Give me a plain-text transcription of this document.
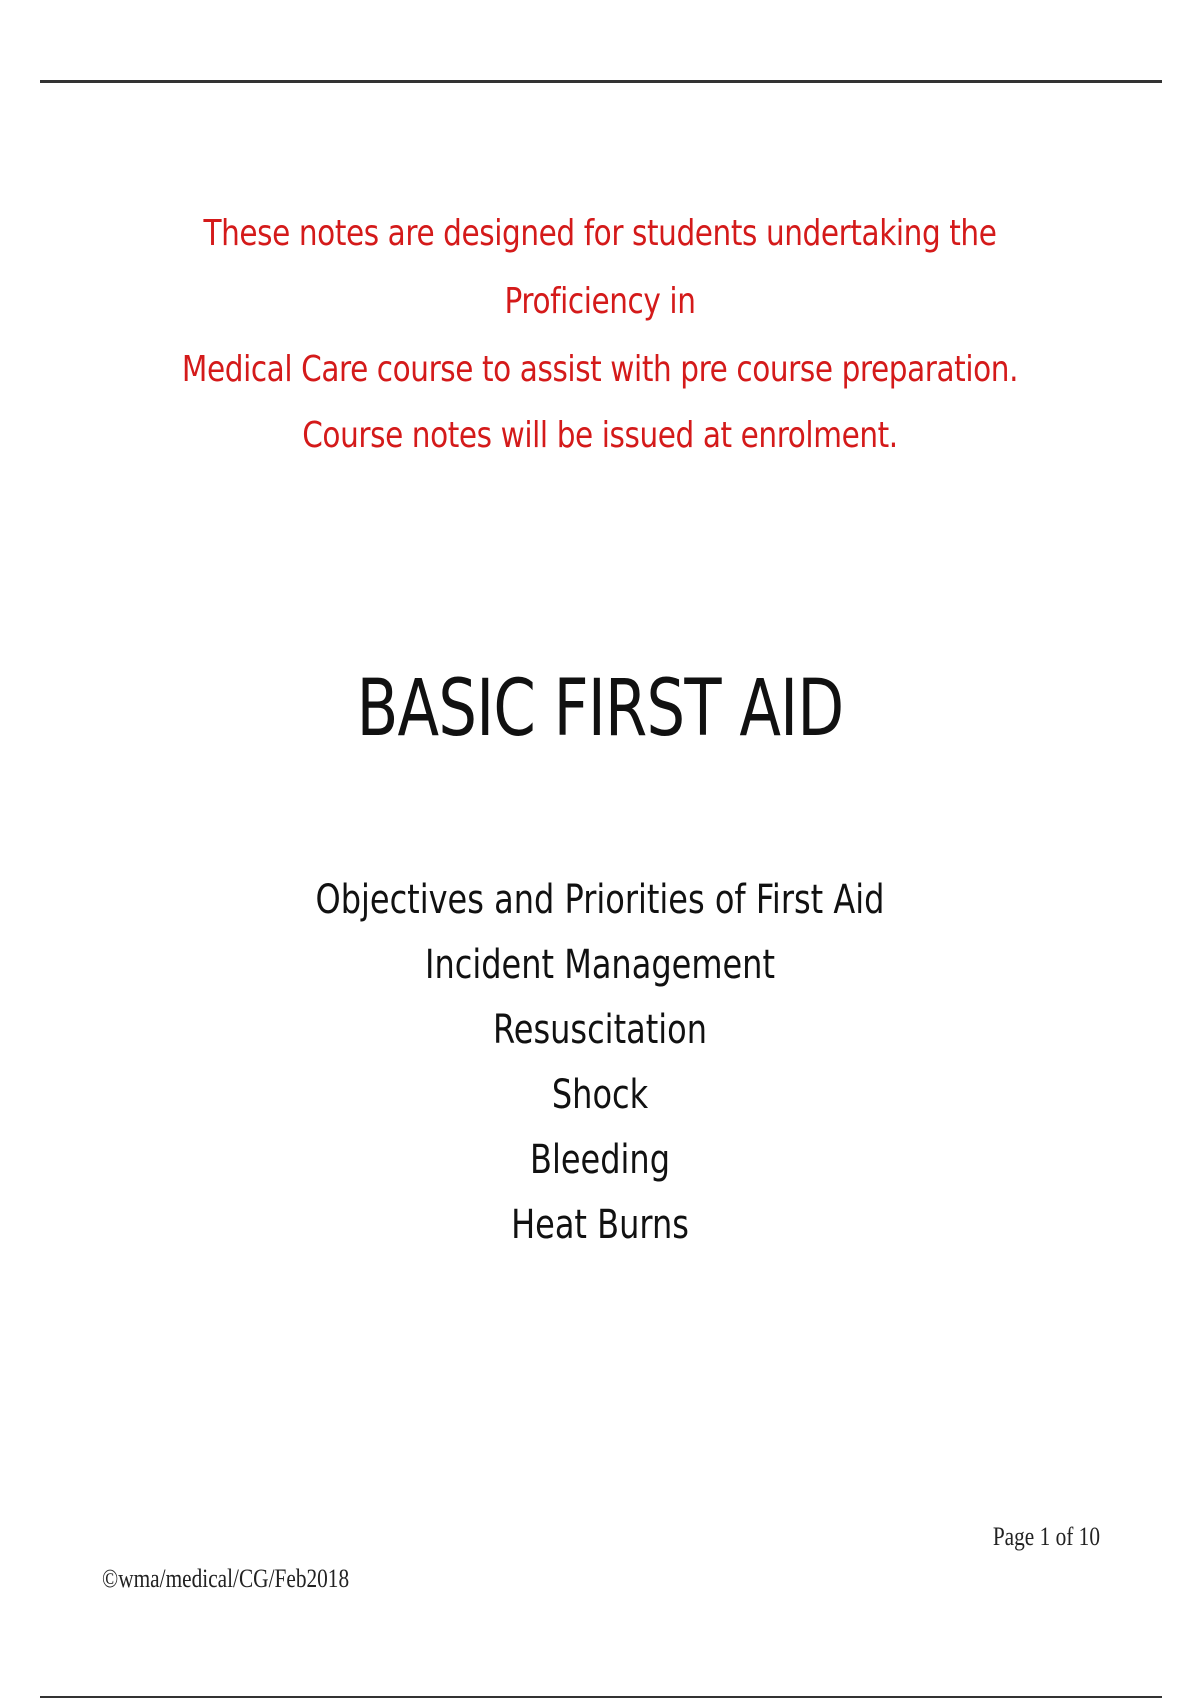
These notes are designed for students undertaking the Proficiency in
Medical Care course to assist with pre course preparation.
Course notes will be issued at enrolment.
BASIC FIRST AID
Objectives and Priorities of First Aid
Incident Management
Resuscitation
Shock
Bleeding
Heat Burns
Page 1 of 10
©wma/medical/CG/Feb2018
